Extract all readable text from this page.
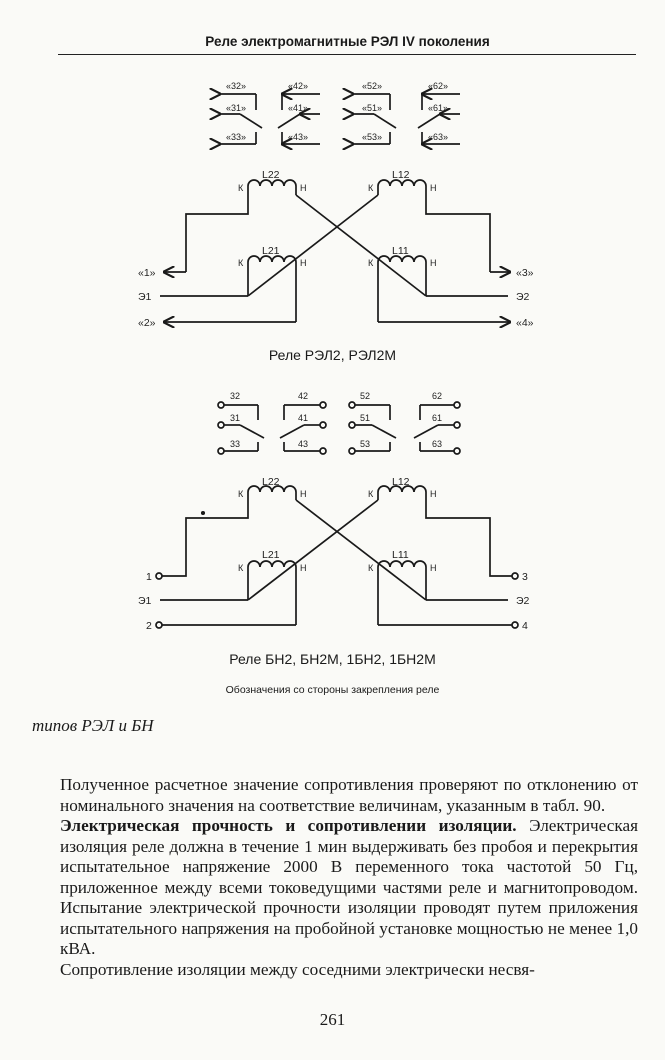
Реле электромагнитные РЭЛ IV поколения
«32»	«42»	«52»	«62»
«31»	«41»	«51»	«61»
«33»	«43»	«53»	«63»
L22	L12
L21	L11
К	Н	К	Н
К	Н	К	Н
«1»	«3»
Э1	Э2
«2»	«4»
32	42	52	62
31	41	51	61
33	43	53	63
L22	L12
L21	L11
К	Н	К	Н
К	Н	К	Н
1	3
Э1	Э2
2	4
Реле РЭЛ2, РЭЛ2М
Реле БН2, БН2М, 1БН2, 1БН2М
Обозначения со стороны закрепления реле
типов РЭЛ и БН

Полученное расчетное значение сопротивления проверяют по отклонению от номинального значения на соответствие величинам, указанным в табл. 90.

Электрическая прочность и сопротивлении изоляции. Электрическая изоляция реле должна в течение 1 мин выдерживать без пробоя и перекрытия испытательное напряжение 2000 В переменного тока частотой 50 Гц, приложенное между всеми токоведущими частями реле и магнитопроводом. Испытание электрической прочности изоляции проводят путем приложения испытательного напряжения на пробойной установке мощностью не менее 1,0 кВА.

Сопротивление изоляции между соседними электрически несвя-

261
